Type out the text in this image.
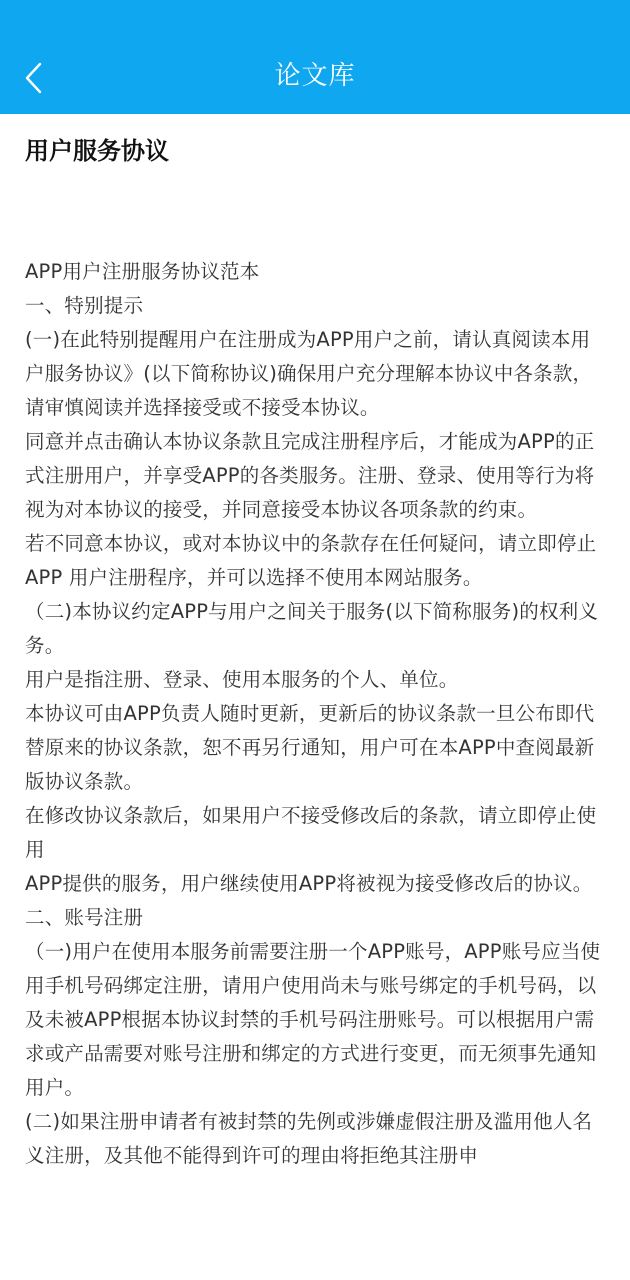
论文库
用户服务协议

APP用户注册服务协议范本

一、特别提示

(一)在此特别提醒用户在注册成为APP用户之前，请认真阅读本用户服务协议》(以下简称协议)确保用户充分理解本协议中各条款，请审慎阅读并选择接受或不接受本协议。

同意并点击确认本协议条款且完成注册程序后，才能成为APP的正式注册用户，并享受APP的各类服务。注册、登录、使用等行为将视为对本协议的接受，并同意接受本协议各项条款的约束。

若不同意本协议，或对本协议中的条款存在任何疑问，请立即停止

APP 用户注册程序，并可以选择不使用本网站服务。

（二)本协议约定APP与用户之间关于服务(以下简称服务)的权利义务。

用户是指注册、登录、使用本服务的个人、单位。

本协议可由APP负责人随时更新，更新后的协议条款一旦公布即代替原来的协议条款，恕不再另行通知，用户可在本APP中查阅最新版协议条款。

在修改协议条款后，如果用户不接受修改后的条款，请立即停止使用

APP提供的服务，用户继续使用APP将被视为接受修改后的协议。

二、账号注册

（一)用户在使用本服务前需要注册一个APP账号，APP账号应当使用手机号码绑定注册，请用户使用尚未与账号绑定的手机号码，以及未被APP根据本协议封禁的手机号码注册账号。可以根据用户需求或产品需要对账号注册和绑定的方式进行变更，而无须事先通知用户。

(二)如果注册申请者有被封禁的先例或涉嫌虚假注册及滥用他人名义注册，及其他不能得到许可的理由将拒绝其注册申
